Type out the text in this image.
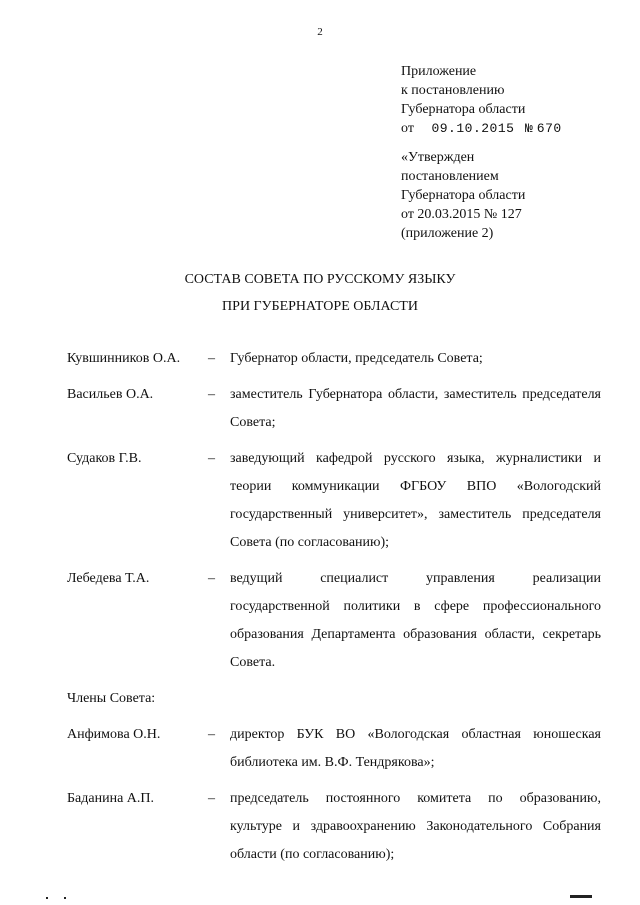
2
Приложение
к постановлению
Губернатора области
от 09.10.2015 № 670
«Утвержден
постановлением
Губернатора области
от 20.03.2015 № 127
(приложение 2)
СОСТАВ СОВЕТА ПО РУССКОМУ ЯЗЫКУ
ПРИ ГУБЕРНАТОРЕ ОБЛАСТИ
Кувшинников О.А.	–	Губернатор области, председатель Совета;
Васильев О.А.	–	заместитель Губернатора области, заместитель председателя Совета;
Судаков Г.В.	–	заведующий кафедрой русского языка, журналистики и теории коммуникации ФГБОУ ВПО «Вологодский государственный университет», заместитель председателя Совета (по согласованию);
Лебедева Т.А.	–	ведущий специалист управления реализации государственной политики в сфере профессионального образования Департамента образования области, секретарь Совета.
Члены Совета:
Анфимова О.Н.	–	директор БУК ВО «Вологодская областная юношеская библиотека им. В.Ф. Тендрякова»;
Баданина А.П.	–	председатель постоянного комитета по образованию, культуре и здравоохранению Законодательного Собрания области (по согласованию);
